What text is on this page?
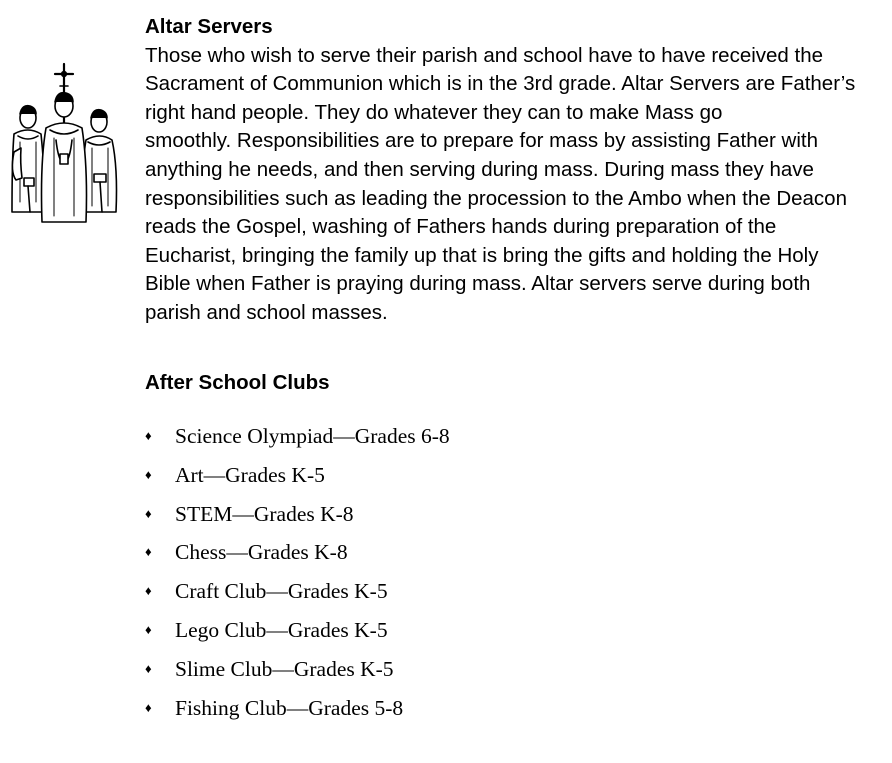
Altar Servers

Those who wish to serve their parish and school have to have received the
Sacrament of Communion which is in the 3rd grade. Altar Servers are Father’s
right hand people. They do whatever they can to make Mass go
smoothly. Responsibilities are to prepare for mass by assisting Father with
anything he needs, and then serving during mass. During mass they have
responsibilities such as leading the procession to the Ambo when the Deacon
reads the Gospel, washing of Fathers hands during preparation of the
Eucharist, bringing the family up that is bring the gifts and holding the Holy
Bible when Father is praying during mass. Altar servers serve during both
parish and school masses.

After School Clubs

♦ Science Olympiad—Grades 6-8
♦ Art—Grades K-5
♦ STEM—Grades K-8
♦ Chess—Grades K-8
♦ Craft Club—Grades K-5
♦ Lego Club—Grades K-5
♦ Slime Club—Grades K-5
♦ Fishing Club—Grades 5-8
